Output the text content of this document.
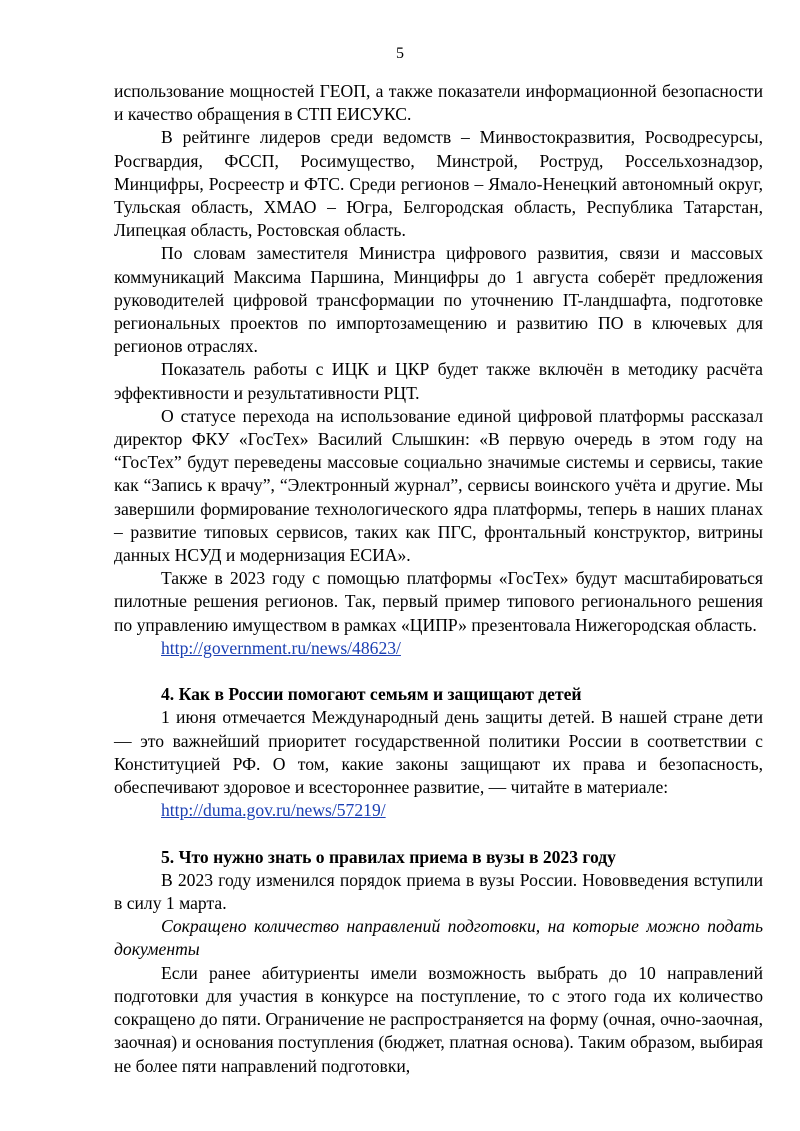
5

использование мощностей ГЕОП, а также показатели информационной безопасности и качество обращения в СТП ЕИСУКС.

В рейтинге лидеров среди ведомств – Минвостокразвития, Росводресурсы, Росгвардия, ФССП, Росимущество, Минстрой, Роструд, Россельхознадзор, Минцифры, Росреестр и ФТС. Среди регионов – Ямало-Ненецкий автономный округ, Тульская область, ХМАО – Югра, Белгородская область, Республика Татарстан, Липецкая область, Ростовская область.

По словам заместителя Министра цифрового развития, связи и массовых коммуникаций Максима Паршина, Минцифры до 1 августа соберёт предложения руководителей цифровой трансформации по уточнению IT-ландшафта, подготовке региональных проектов по импортозамещению и развитию ПО в ключевых для регионов отраслях.

Показатель работы с ИЦК и ЦКР будет также включён в методику расчёта эффективности и результативности РЦТ.

О статусе перехода на использование единой цифровой платформы рассказал директор ФКУ «ГосТех» Василий Слышкин: «В первую очередь в этом году на “ГосТех” будут переведены массовые социально значимые системы и сервисы, такие как “Запись к врачу”, “Электронный журнал”, сервисы воинского учёта и другие. Мы завершили формирование технологического ядра платформы, теперь в наших планах – развитие типовых сервисов, таких как ПГС, фронтальный конструктор, витрины данных НСУД и модернизация ЕСИА».

Также в 2023 году с помощью платформы «ГосТех» будут масштабироваться пилотные решения регионов. Так, первый пример типового регионального решения по управлению имуществом в рамках «ЦИПР» презентовала Нижегородская область.

http://government.ru/news/48623/

4. Как в России помогают семьям и защищают детей

1 июня отмечается Международный день защиты детей. В нашей стране дети — это важнейший приоритет государственной политики России в соответствии с Конституцией РФ. О том, какие законы защищают их права и безопасность, обеспечивают здоровое и всестороннее развитие, — читайте в материале:

http://duma.gov.ru/news/57219/

5. Что нужно знать о правилах приема в вузы в 2023 году

В 2023 году изменился порядок приема в вузы России. Нововведения вступили в силу 1 марта.

Сокращено количество направлений подготовки, на которые можно подать документы

Если ранее абитуриенты имели возможность выбрать до 10 направлений подготовки для участия в конкурсе на поступление, то с этого года их количество сокращено до пяти. Ограничение не распространяется на форму (очная, очно-заочная, заочная) и основания поступления (бюджет, платная основа). Таким образом, выбирая не более пяти направлений подготовки,
